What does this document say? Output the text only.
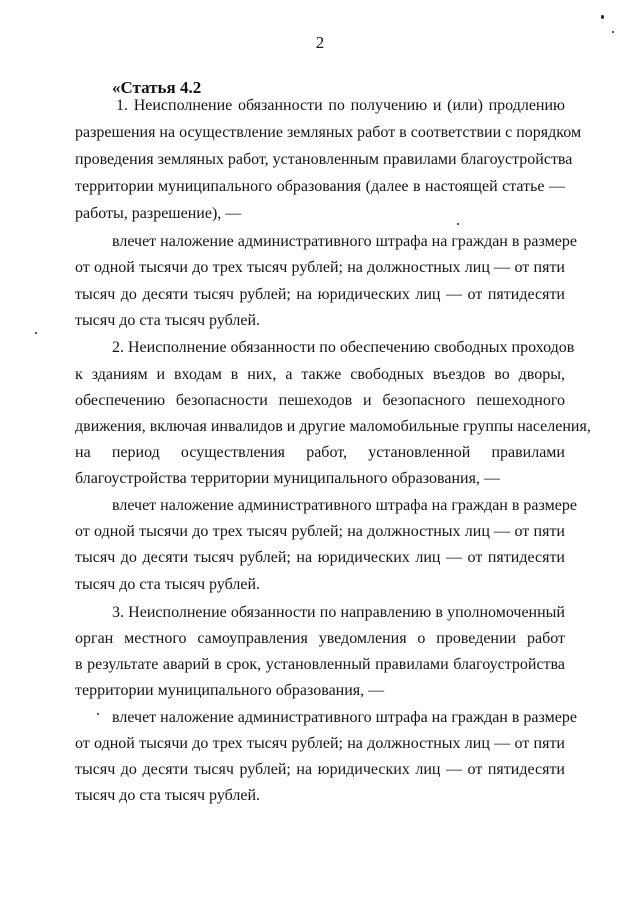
2
«Статья 4.2
1. Неисполнение обязанности по получению и (или) продлению
разрешения на осуществление земляных работ в соответствии с порядком
проведения земляных работ, установленным правилами благоустройства
территории муниципального образования (далее в настоящей статье —
работы, разрешение), —
влечет наложение административного штрафа на граждан в размере
от одной тысячи до трех тысяч рублей; на должностных лиц — от пяти
тысяч до десяти тысяч рублей; на юридических лиц — от пятидесяти
тысяч до ста тысяч рублей.
2. Неисполнение обязанности по обеспечению свободных проходов
к зданиям и входам в них, а также свободных въездов во дворы,
обеспечению безопасности пешеходов и безопасного пешеходного
движения, включая инвалидов и другие маломобильные группы населения,
на период осуществления работ, установленной правилами
благоустройства территории муниципального образования, —
влечет наложение административного штрафа на граждан в размере
от одной тысячи до трех тысяч рублей; на должностных лиц — от пяти
тысяч до десяти тысяч рублей; на юридических лиц — от пятидесяти
тысяч до ста тысяч рублей.
3. Неисполнение обязанности по направлению в уполномоченный
орган местного самоуправления уведомления о проведении работ
в результате аварий в срок, установленный правилами благоустройства
территории муниципального образования, —
влечет наложение административного штрафа на граждан в размере
от одной тысячи до трех тысяч рублей; на должностных лиц — от пяти
тысяч до десяти тысяч рублей; на юридических лиц — от пятидесяти
тысяч до ста тысяч рублей.
